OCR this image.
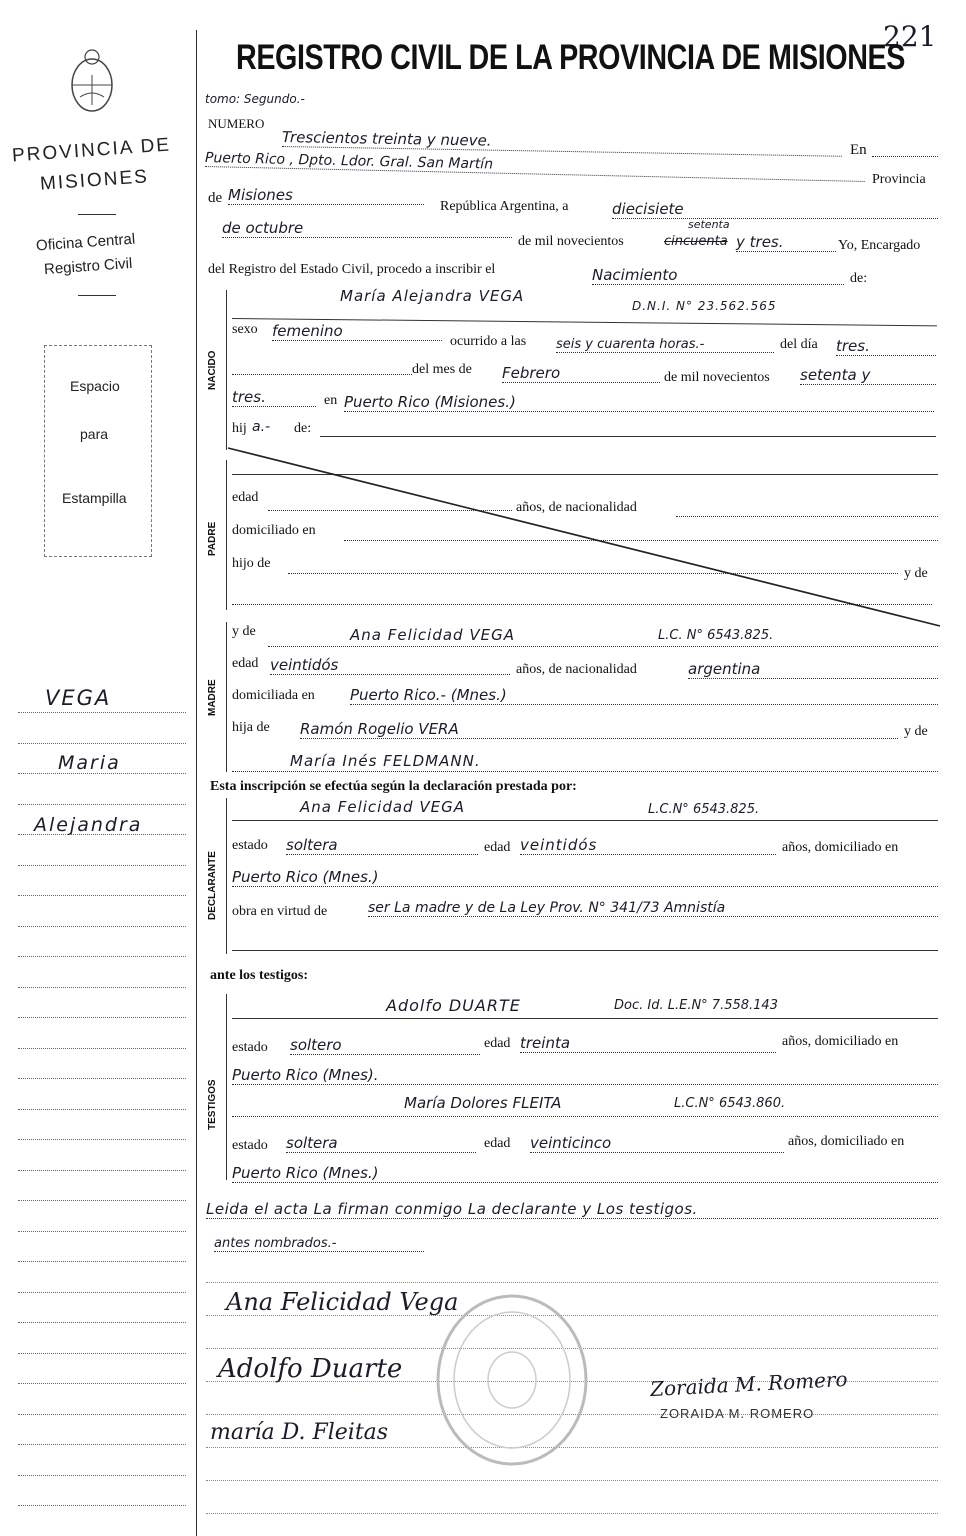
PROVINCIA DE
MISIONES
Oficina Central
Registro Civil
Espacio
para
Estampilla
VEGA
Maria
Alejandra
221
REGISTRO CIVIL DE LA PROVINCIA DE MISIONES
tomo: Segundo.-
NUMERO
Trescientos treinta y nueve.
En
Puerto Rico , Dpto. Ldor. Gral. San Martín
Provincia
de Misiones
República Argentina, a	diecisiete
de octubre
de mil novecientos	cincuenta
setenta
y tres.	Yo, Encargado
del Registro del Estado Civil, procedo a inscribir el	Nacimiento	de:
NACIDO
María Alejandra VEGA
D.N.I. N° 23.562.565
sexo femenino
ocurrido a las seis y cuarenta horas.-	del día tres.
del mes de Febrero	de mil novecientos setenta y
tres.	en Puerto Rico (Misiones.)
hij a.- de:
PADRE
edad
años, de nacionalidad
domiciliado en
hijo de
y de
MADRE
y de	Ana Felicidad VEGA	L.C. N° 6543.825.
edad veintidós	años, de nacionalidad	argentina
domiciliada en Puerto Rico.- (Mnes.)
hija de Ramón Rogelio VERA	y de
María Inés FELDMANN.
Esta inscripción se efectúa según la declaración prestada por:
DECLARANTE
Ana Felicidad VEGA	L.C.N° 6543.825.
estado soltera	edad veintidós	años, domiciliado en
Puerto Rico (Mnes.)
obra en virtud de	ser La madre y de La Ley Prov. N° 341/73 Amnistía
ante los testigos:
TESTIGOS
Adolfo DUARTE	Doc. Id. L.E.N° 7.558.143
estado soltero	edad treinta	años, domiciliado en
Puerto Rico (Mnes).
María Dolores FLEITA	L.C.N° 6543.860.
estado soltera	edad veinticinco	años, domiciliado en
Puerto Rico (Mnes.)
Leida el acta La firman conmigo La declarante y Los testigos.
antes nombrados.-
Ana Felicidad Vega
Adolfo Duarte
maría D. Fleitas
Zoraida M. Romero
ZORAIDA M. ROMERO
